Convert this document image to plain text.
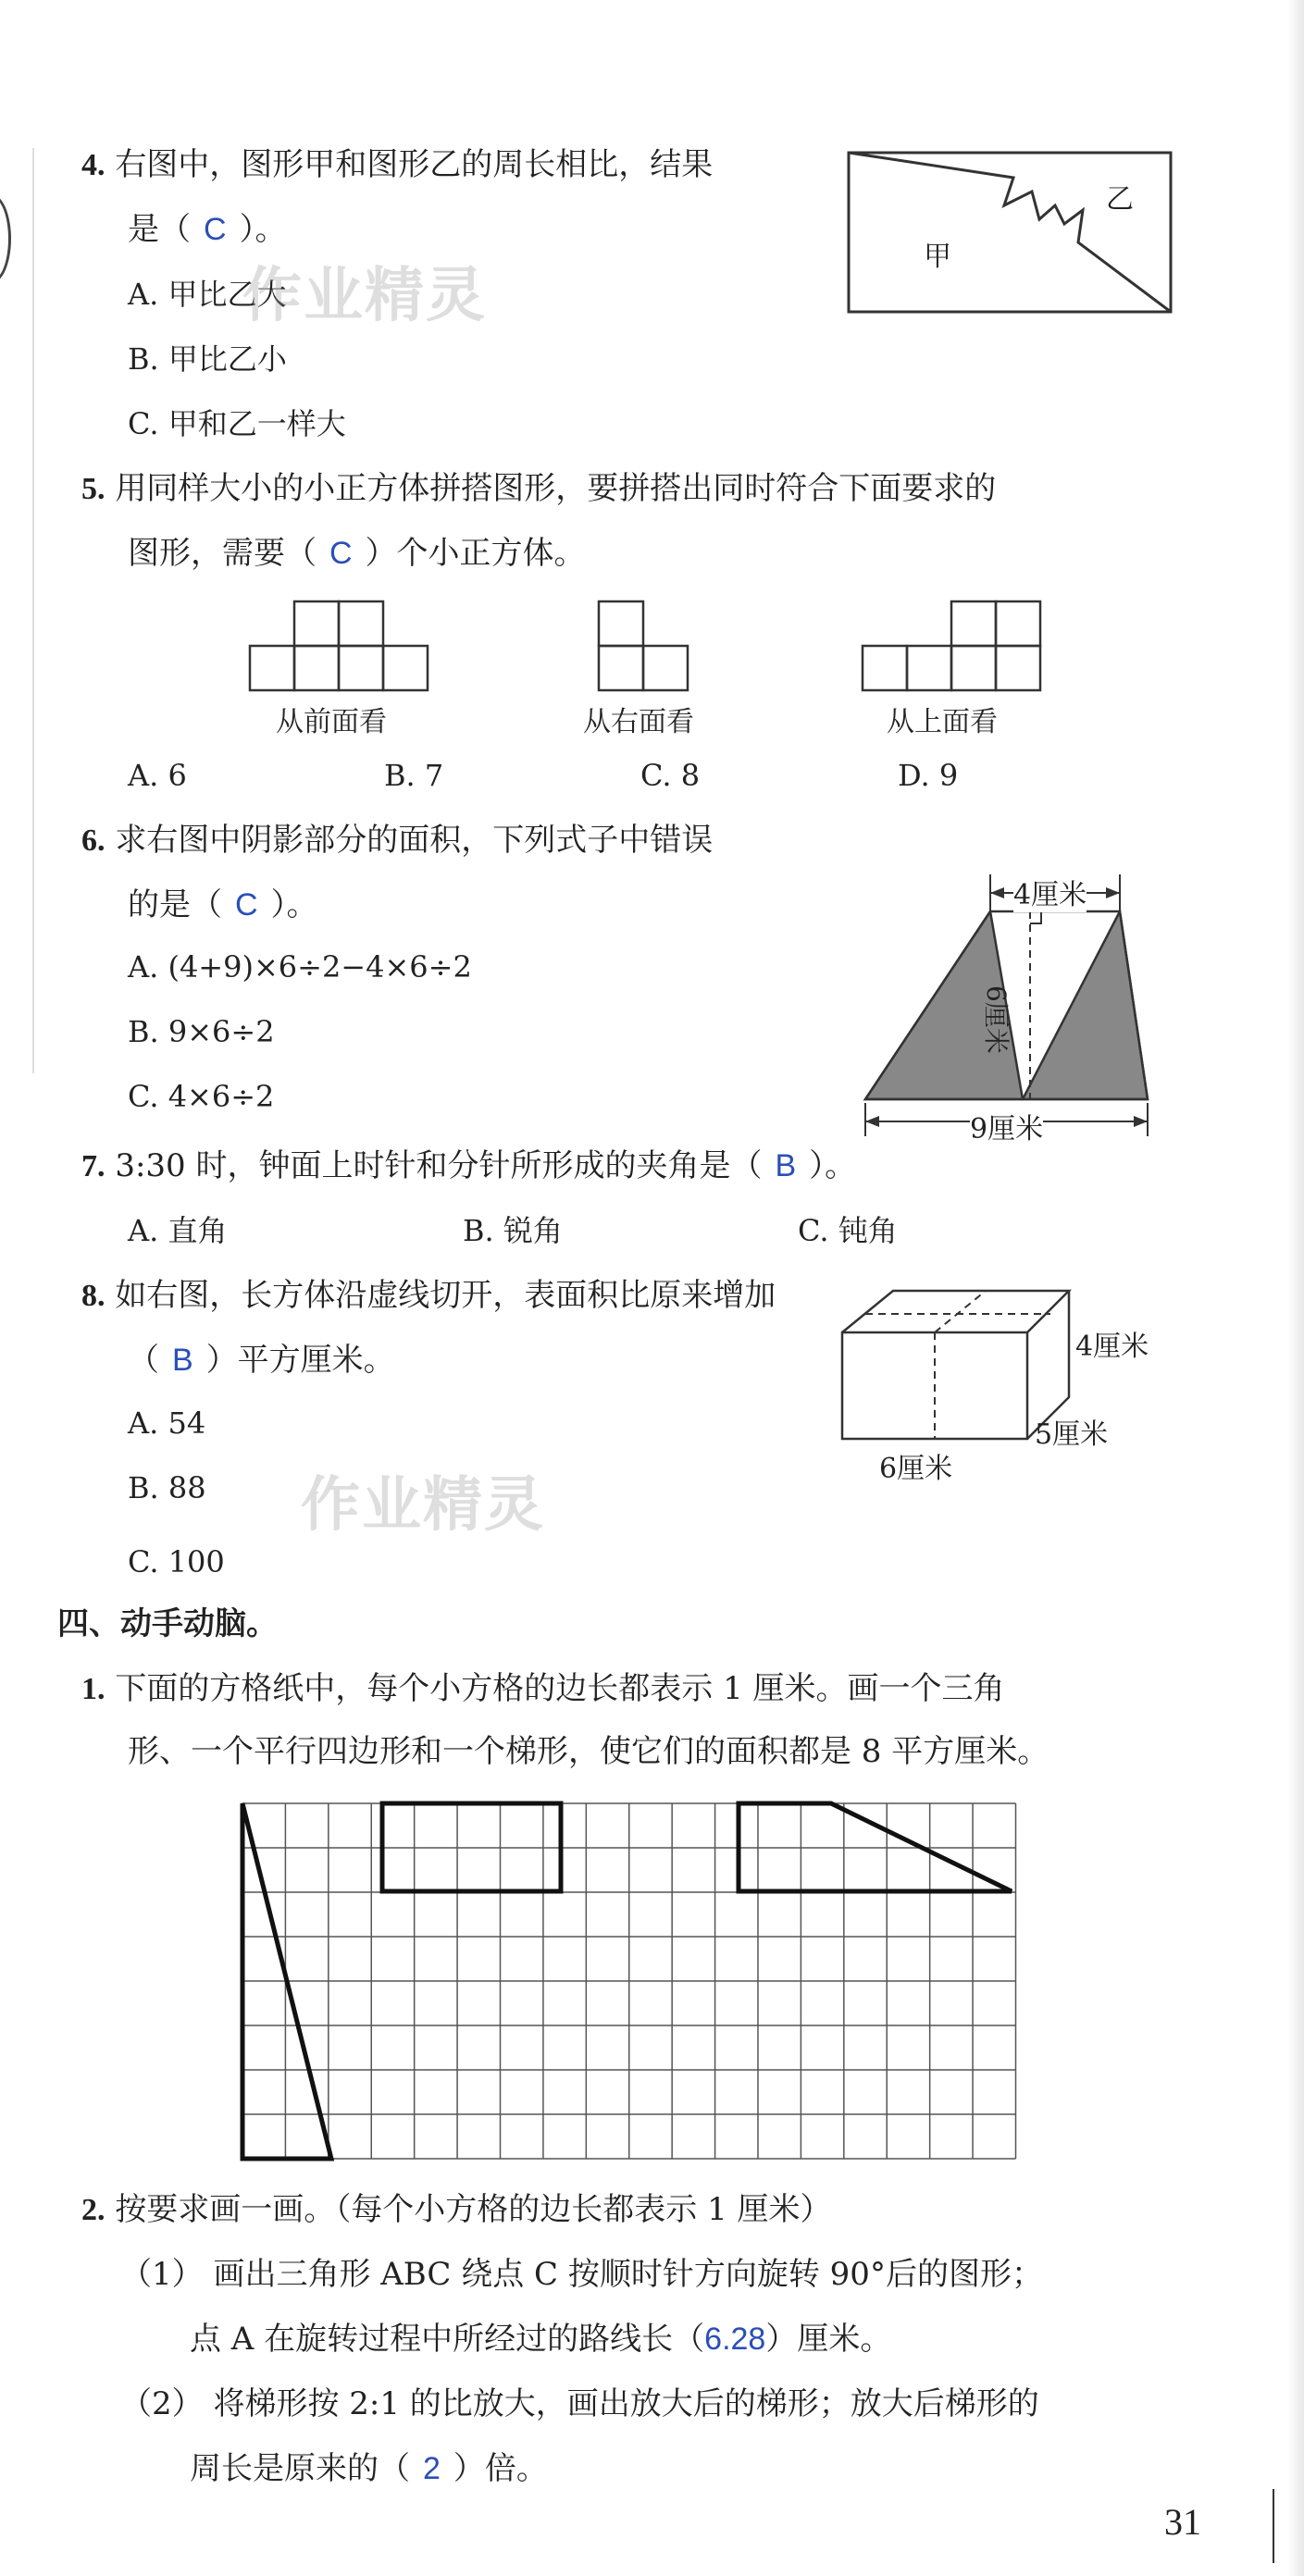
4. 右图中，图形甲和图形乙的周长相比，结果
是（ C ）。
A. 甲比乙大
B. 甲比乙小
C. 甲和乙一样大
甲
乙
5. 用同样大小的小正方体拼搭图形，要拼搭出同时符合下面要求的
图形，需要（ C ）个小正方体。
从前面看	从右面看	从上面看
A. 6	B. 7	C. 8	D. 9
6. 求右图中阴影部分的面积，下列式子中错误
的是（ C ）。
A. (4+9)×6÷2−4×6÷2
B. 9×6÷2
C. 4×6÷2
4厘米
6厘米
9厘米
7. 3:30 时，钟面上时针和分针所形成的夹角是（ B ）。
A. 直角	B. 锐角	C. 钝角
8. 如右图，长方体沿虚线切开，表面积比原来增加
（ B ）平方厘米。
A. 54
B. 88
C. 100
4厘米
5厘米
6厘米
四、动手动脑。
1. 下面的方格纸中，每个小方格的边长都表示 1 厘米。画一个三角
形、一个平行四边形和一个梯形，使它们的面积都是 8 平方厘米。
2. 按要求画一画。（每个小方格的边长都表示 1 厘米）
（1） 画出三角形 ABC 绕点 C 按顺时针方向旋转 90°后的图形；
点 A 在旋转过程中所经过的路线长（6.28）厘米。
（2） 将梯形按 2:1 的比放大，画出放大后的梯形；放大后梯形的
周长是原来的（ 2 ）倍。
作业精灵
作业精灵
31
